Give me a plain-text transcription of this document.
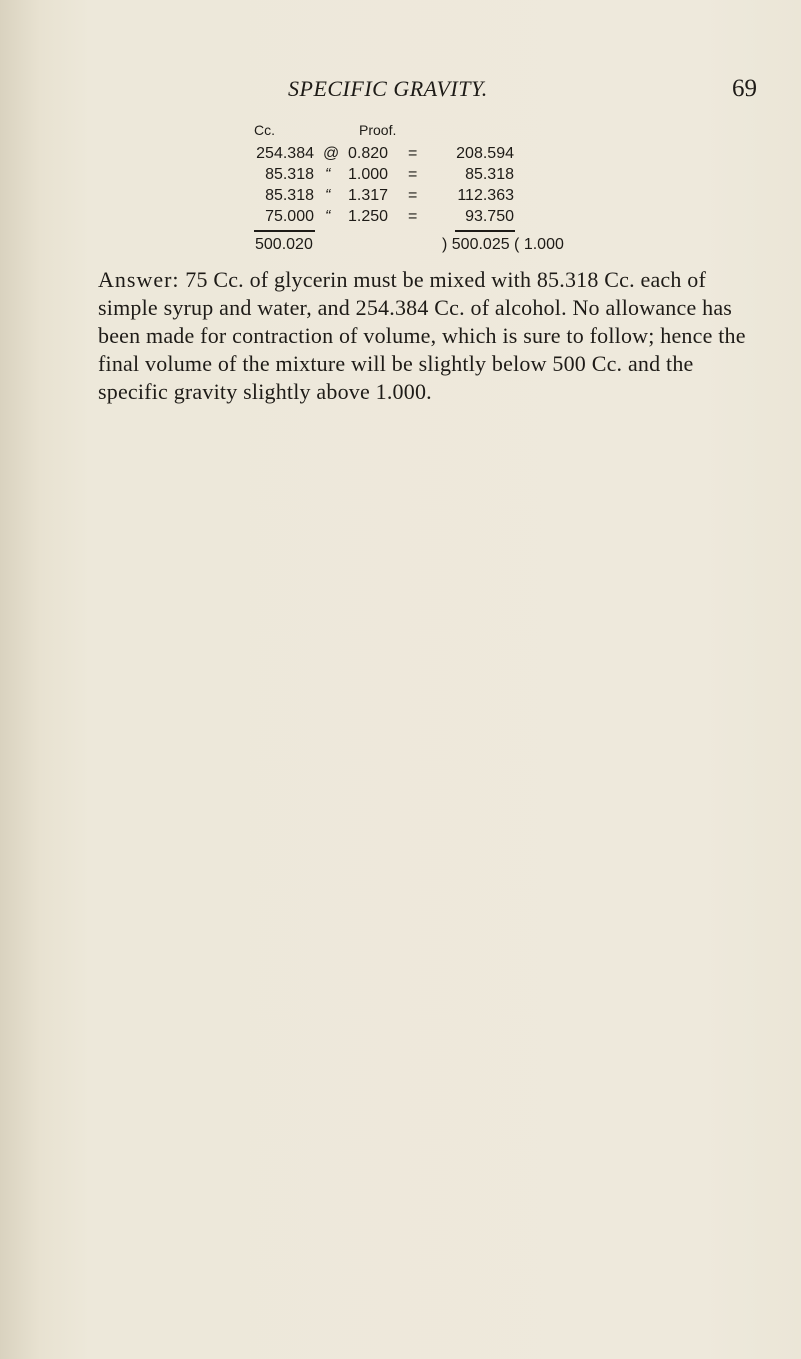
SPECIFIC GRAVITY.	69
Cc.	Proof.
254.384 @ 0.820 =	208.594
85.318 “ 1.000 =	85.318
85.318 “ 1.317 =	112.363
75.000 “ 1.250 =	93.750
500.020	) 500.025 ( 1.000
Answer: 75 Cc. of glycerin must be mixed with 85.318 Cc. each of simple syrup and water, and 254.384 Cc. of alcohol. No allowance has been made for contraction of volume, which is sure to follow; hence the final volume of the mixture will be slightly below 500 Cc. and the specific gravity slightly above 1.000.
